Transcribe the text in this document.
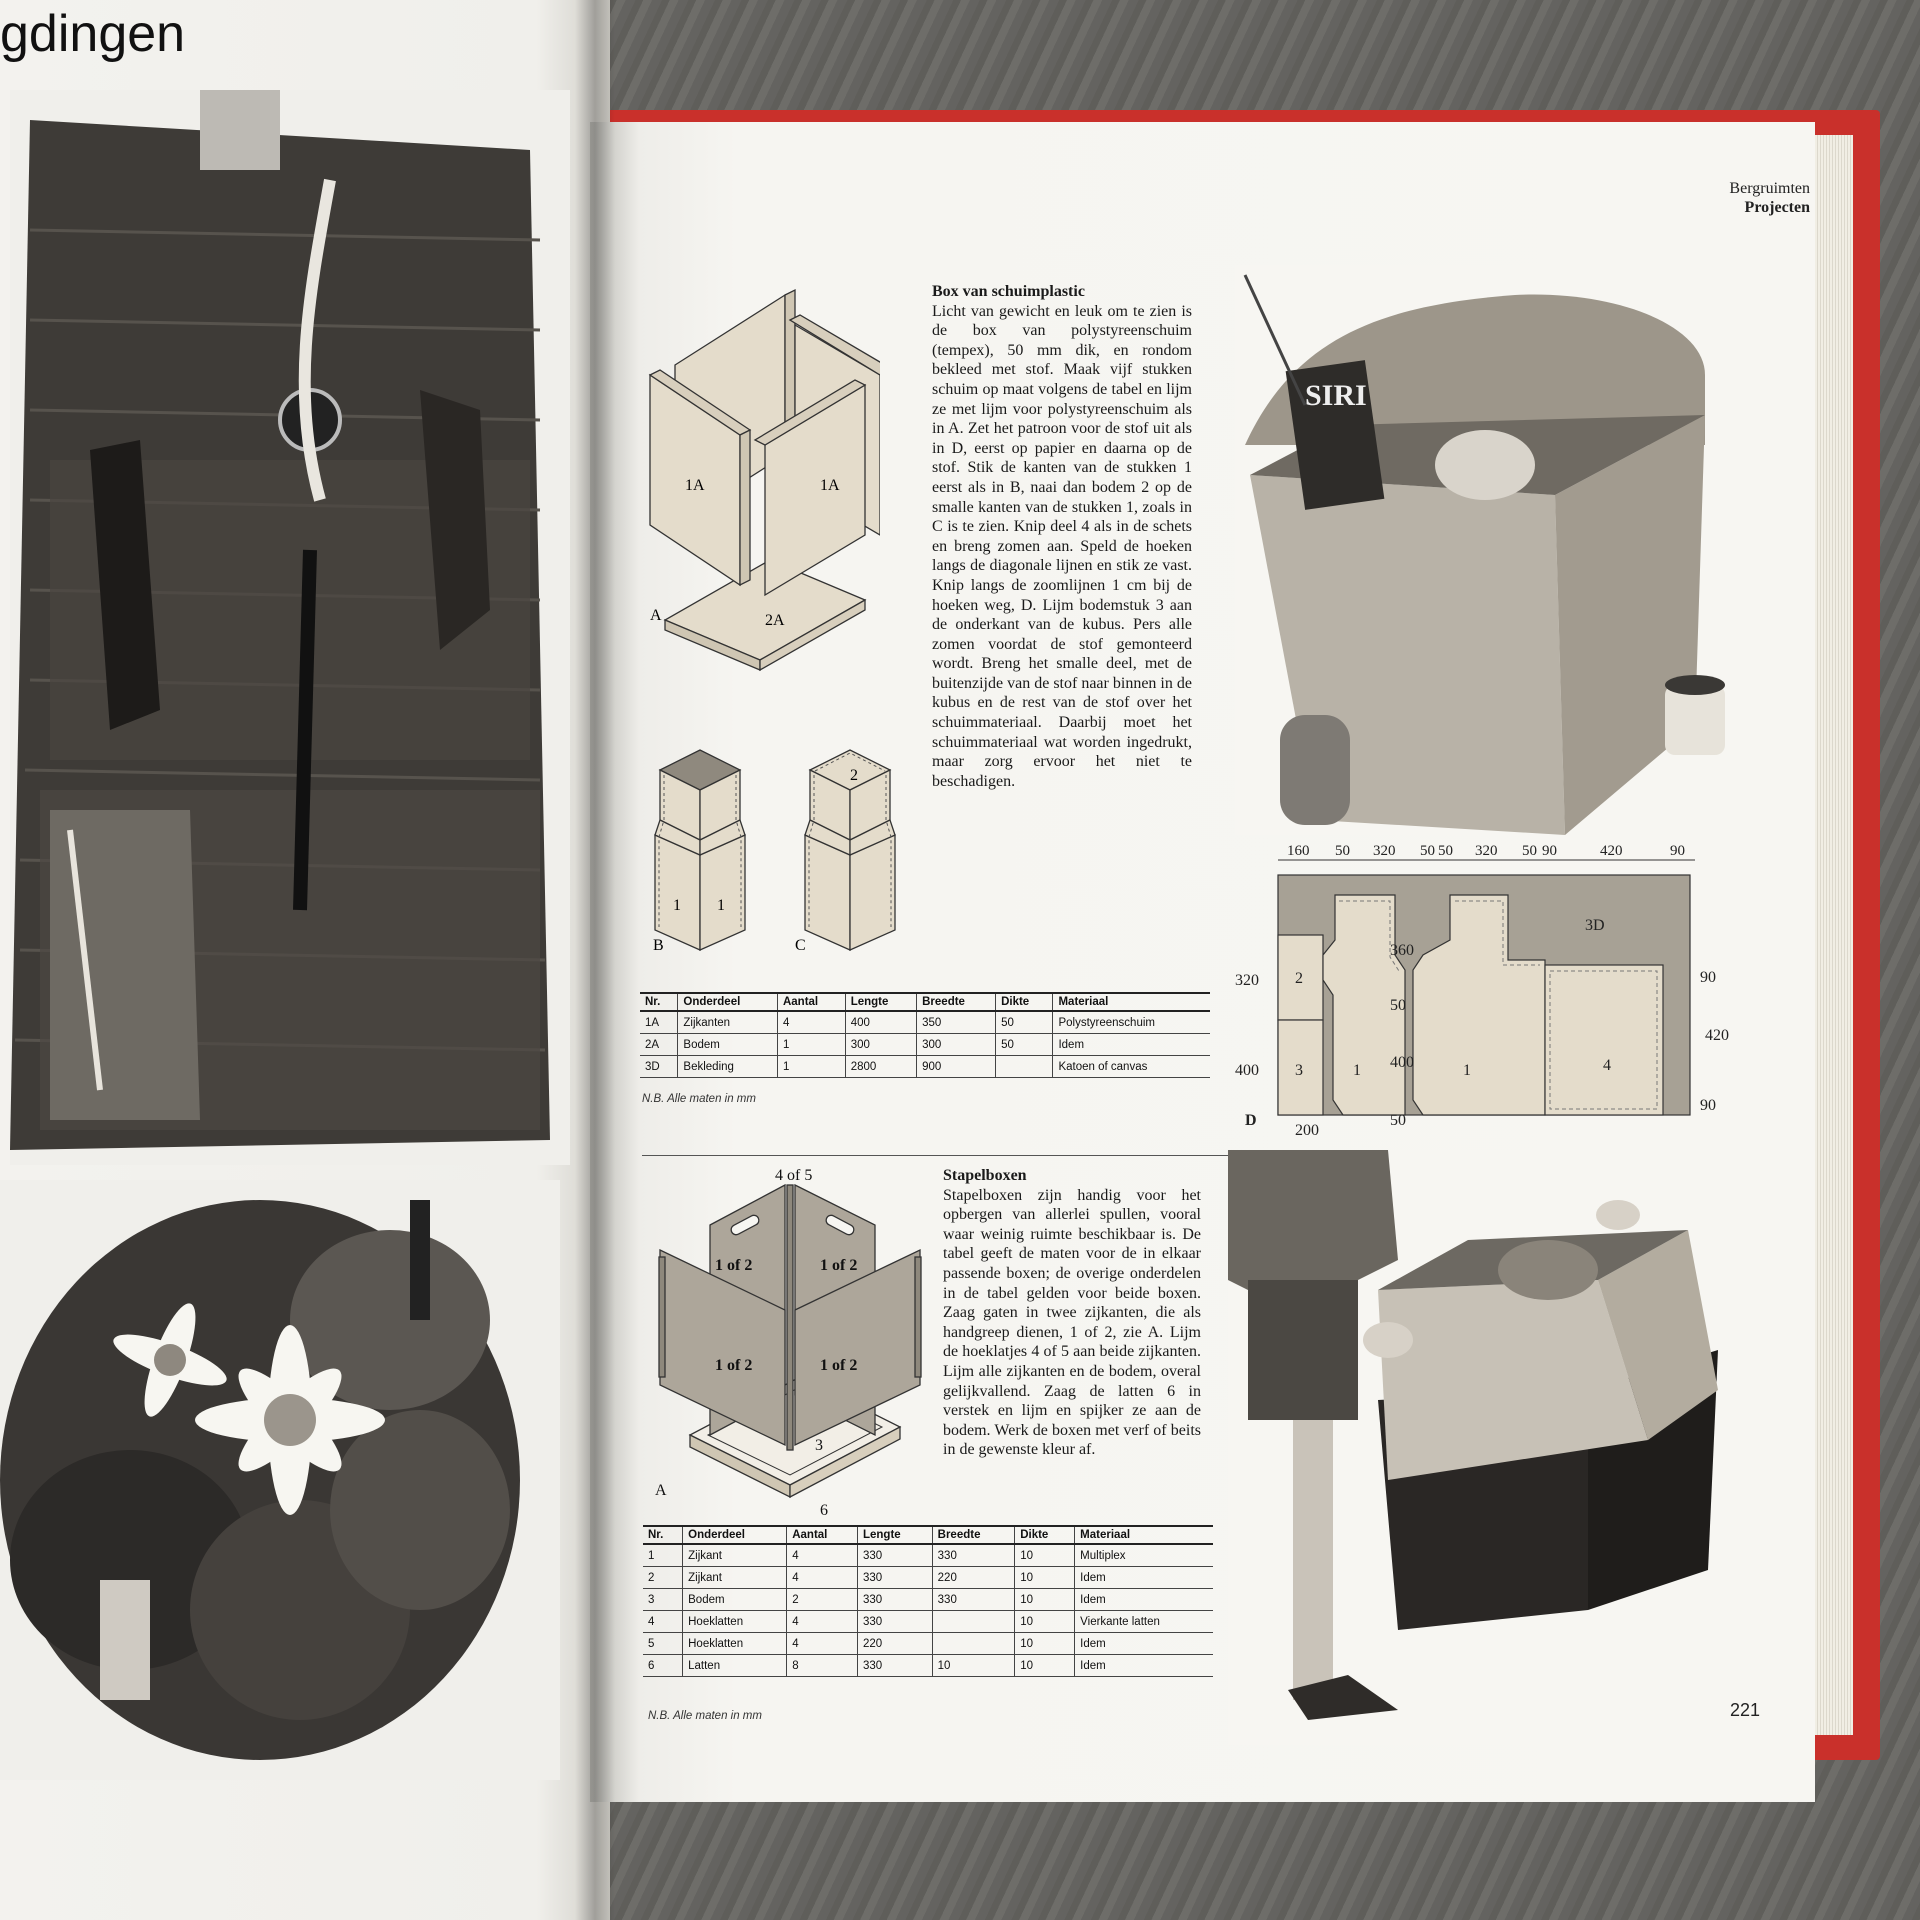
gdingen
Bergruimten
Projecten
1A	1A
2A
A
1 1
2
B	C
Box van schuimplastic
Licht van gewicht en leuk om te zien is de box van polystyreenschuim (tempex), 50 mm dik, en rondom bekleed met stof. Maak vijf stukken schuim op maat volgens de tabel en lijm ze met lijm voor polystyreenschuim als in A. Zet het patroon voor de stof uit als in D, eerst op papier en daarna op de stof. Stik de kanten van de stukken 1 eerst als in B, naai dan bodem 2 op de smalle kanten van de stukken 1, zoals in C is te zien. Knip deel 4 als in de schets en breng zomen aan. Speld de hoeken langs de diagonale lijnen en stik ze vast. Knip langs de zoomlijnen 1 cm bij de hoeken weg, D. Lijm bodemstuk 3 aan de onderkant van de kubus. Pers alle zomen voordat de stof gemonteerd wordt. Breng het smalle deel, met de buitenzijde van de stof naar binnen in de kubus en de rest van de stof over het schuimmateriaal. Daarbij moet het schuimmateriaal wat worden ingedrukt, maar zorg ervoor het niet te beschadigen.
SIRI
160 50 320 50 50 320 50 90	420	90
320
400
360
50
400
50
90
420
90
200
2
3	1	1	4
3D
D
Nr.	Onderdeel	Aantal	Lengte	Breedte	Dikte	Materiaal
1A	Zijkanten	4	400	350	50	Polystyreenschuim
2A	Bodem	1	300	300	50	Idem
3D	Bekleding	1	2800	900		Katoen of canvas
N.B. Alle maten in mm
4 of 5
1 of 2	1 of 2
1 of 2	1 of 2
3
6
A
Stapelboxen
Stapelboxen zijn handig voor het opbergen van allerlei spullen, vooral waar weinig ruimte beschikbaar is. De tabel geeft de maten voor de in elkaar passende boxen; de overige onderdelen in de tabel gelden voor beide boxen. Zaag gaten in twee zijkanten, die als handgreep dienen, 1 of 2, zie A. Lijm de hoeklatjes 4 of 5 aan beide zijkanten. Lijm alle zijkanten en de bodem, overal gelijkvallend. Zaag de latten 6 in verstek en lijm en spijker ze aan de bodem. Werk de boxen met verf of beits in de gewenste kleur af.
Nr.	Onderdeel	Aantal	Lengte	Breedte	Dikte	Materiaal
1	Zijkant	4	330	330	10	Multiplex
2	Zijkant	4	330	220	10	Idem
3	Bodem	2	330	330	10	Idem
4	Hoeklatten	4	330		10	Vierkante latten
5	Hoeklatten	4	220		10	Idem
6	Latten	8	330	10	10	Idem
N.B. Alle maten in mm	221
